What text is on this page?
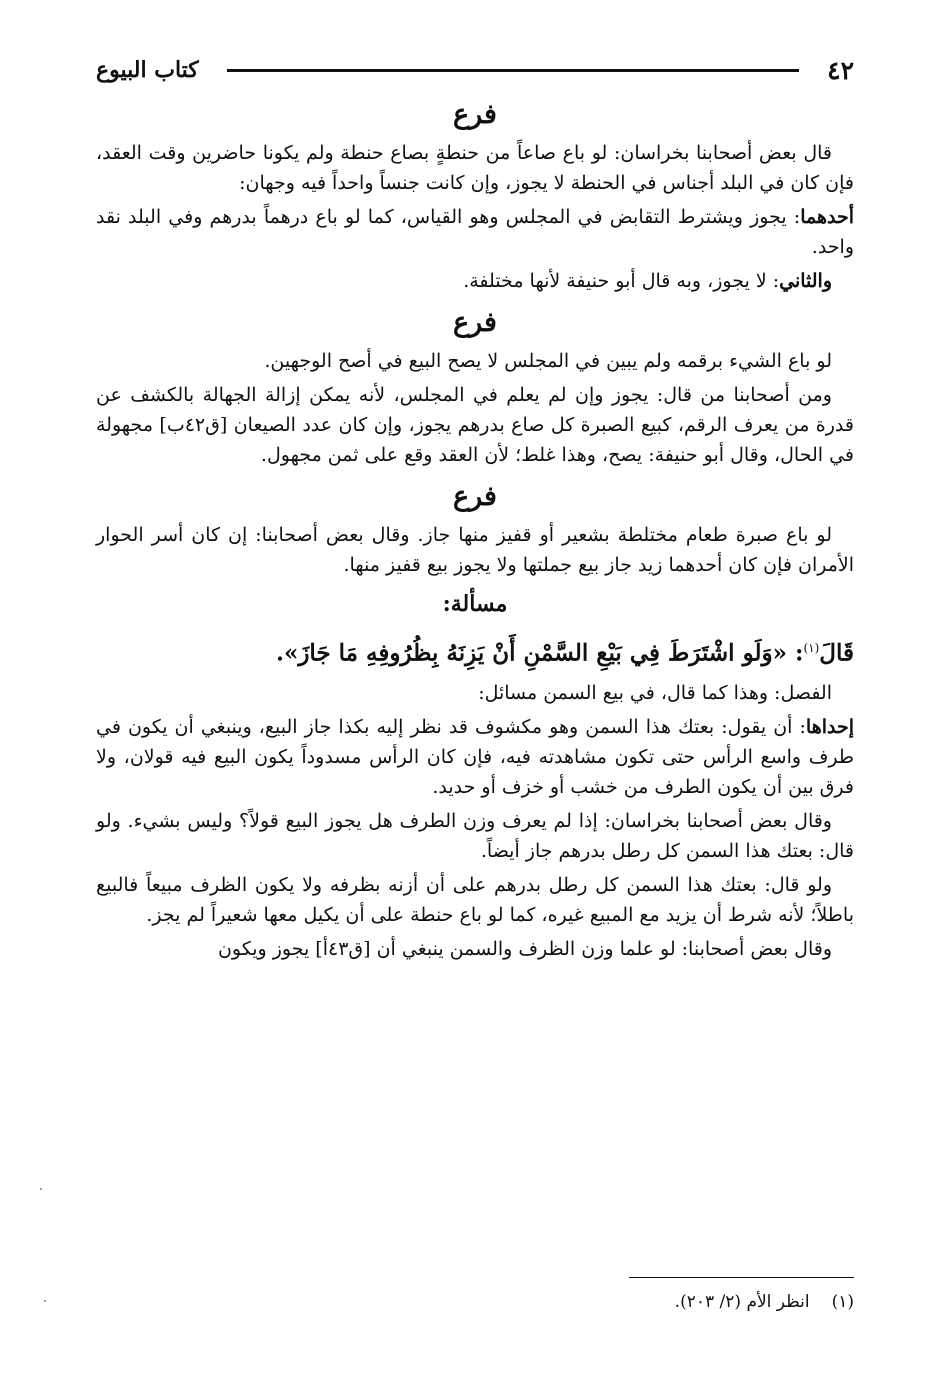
٤٢
كتاب البيوع
فرع

قال بعض أصحابنا بخراسان: لو باع صاعاً من حنطةٍ بصاع حنطة ولم يكونا حاضرين وقت العقد، فإن كان في البلد أجناس في الحنطة لا يجوز، وإن كانت جنساً واحداً فيه وجهان:

أحدهما: يجوز ويشترط التقابض في المجلس وهو القياس، كما لو باع درهماً بدرهم وفي البلد نقد واحد.

والثاني: لا يجوز، وبه قال أبو حنيفة لأنها مختلفة.

فرع

لو باع الشيء برقمه ولم يبين في المجلس لا يصح البيع في أصح الوجهين.

ومن أصحابنا من قال: يجوز وإن لم يعلم في المجلس، لأنه يمكن إزالة الجهالة بالكشف عن قدرة من يعرف الرقم، كبيع الصبرة كل صاع بدرهم يجوز، وإن كان عدد الصيعان [ق٤٢ب] مجهولة في الحال، وقال أبو حنيفة: يصح، وهذا غلط؛ لأن العقد وقع على ثمن مجهول.

فرع

لو باع صبرة طعام مختلطة بشعير أو قفيز منها جاز. وقال بعض أصحابنا: إن كان أسر الحوار الأمران فإن كان أحدهما زيد جاز بيع جملتها ولا يجوز بيع قفيز منها.

مسألة:

قَالَ$^{(١)}$: «وَلَو اشْتَرَطَ فِي بَيْعِ السَّمْنِ أَنْ يَزِنَهُ بِظُرُوفِهِ مَا جَازَ».

الفصل: وهذا كما قال، في بيع السمن مسائل:

إحداها: أن يقول: بعتك هذا السمن وهو مكشوف قد نظر إليه بكذا جاز البيع، وينبغي أن يكون في طرف واسع الرأس حتى تكون مشاهدته فيه، فإن كان الرأس مسدوداً يكون البيع فيه قولان، ولا فرق بين أن يكون الطرف من خشب أو خزف أو حديد.

وقال بعض أصحابنا بخراسان: إذا لم يعرف وزن الطرف هل يجوز البيع قولاً؟ وليس بشيء. ولو قال: بعتك هذا السمن كل رطل بدرهم جاز أيضاً.

ولو قال: بعتك هذا السمن كل رطل بدرهم على أن أزنه بظرفه ولا يكون الظرف مبيعاً فالبيع باطلاً؛ لأنه شرط أن يزيد مع المبيع غيره، كما لو باع حنطة على أن يكيل معها شعيراً لم يجز.

وقال بعض أصحابنا: لو علما وزن الظرف والسمن ينبغي أن [ق٤٣أ] يجوز ويكون

(١)انظر الأم (٢/ ٢٠٣).
